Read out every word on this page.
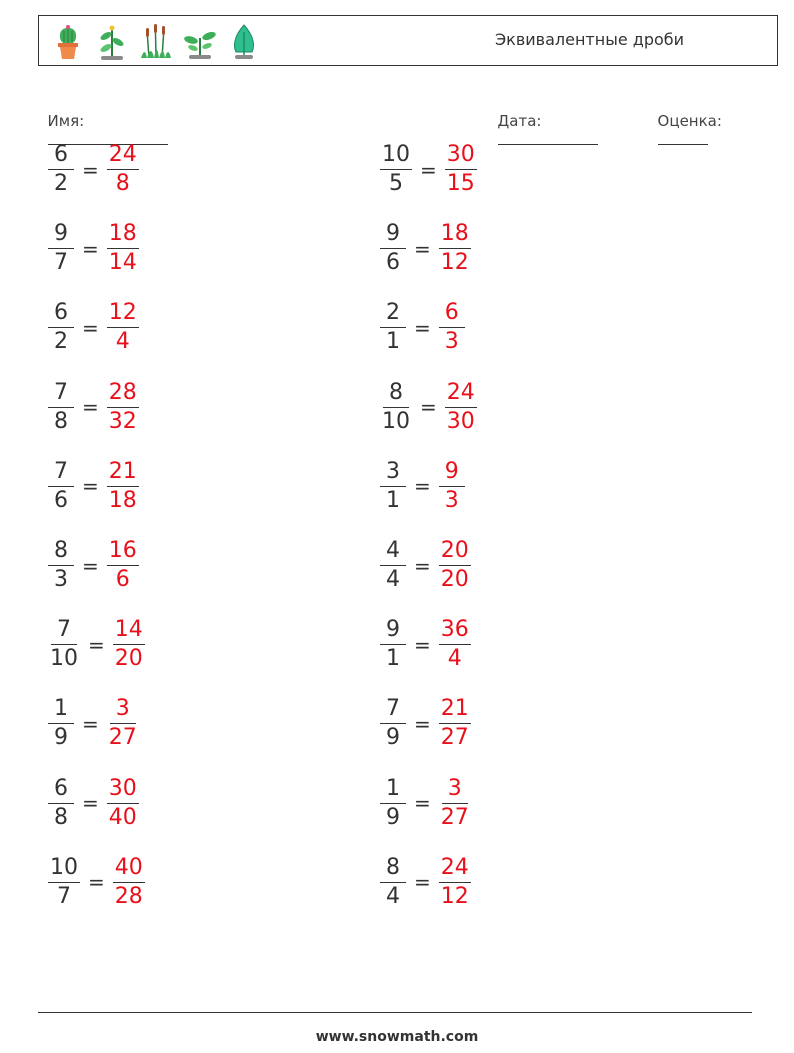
Эквивалентные дроби

Имя:
	Дата:
	Оценка:

$\frac{6}{2} = \frac{24}{8}$
$\frac{9}{7} = \frac{18}{14}$
$\frac{6}{2} = \frac{12}{4}$
$\frac{7}{8} = \frac{28}{32}$
$\frac{7}{6} = \frac{21}{18}$
$\frac{8}{3} = \frac{16}{6}$
$\frac{7}{10} = \frac{14}{20}$
$\frac{1}{9} = \frac{3}{27}$
$\frac{6}{8} = \frac{30}{40}$
$\frac{10}{7} = \frac{40}{28}$
$\frac{10}{5} = \frac{30}{15}$
$\frac{9}{6} = \frac{18}{12}$
$\frac{2}{1} = \frac{6}{3}$
$\frac{8}{10} = \frac{24}{30}$
$\frac{3}{1} = \frac{9}{3}$
$\frac{4}{4} = \frac{20}{20}$
$\frac{9}{1} = \frac{36}{4}$
$\frac{7}{9} = \frac{21}{27}$
$\frac{1}{9} = \frac{3}{27}$
$\frac{8}{4} = \frac{24}{12}$
www.snowmath.com
